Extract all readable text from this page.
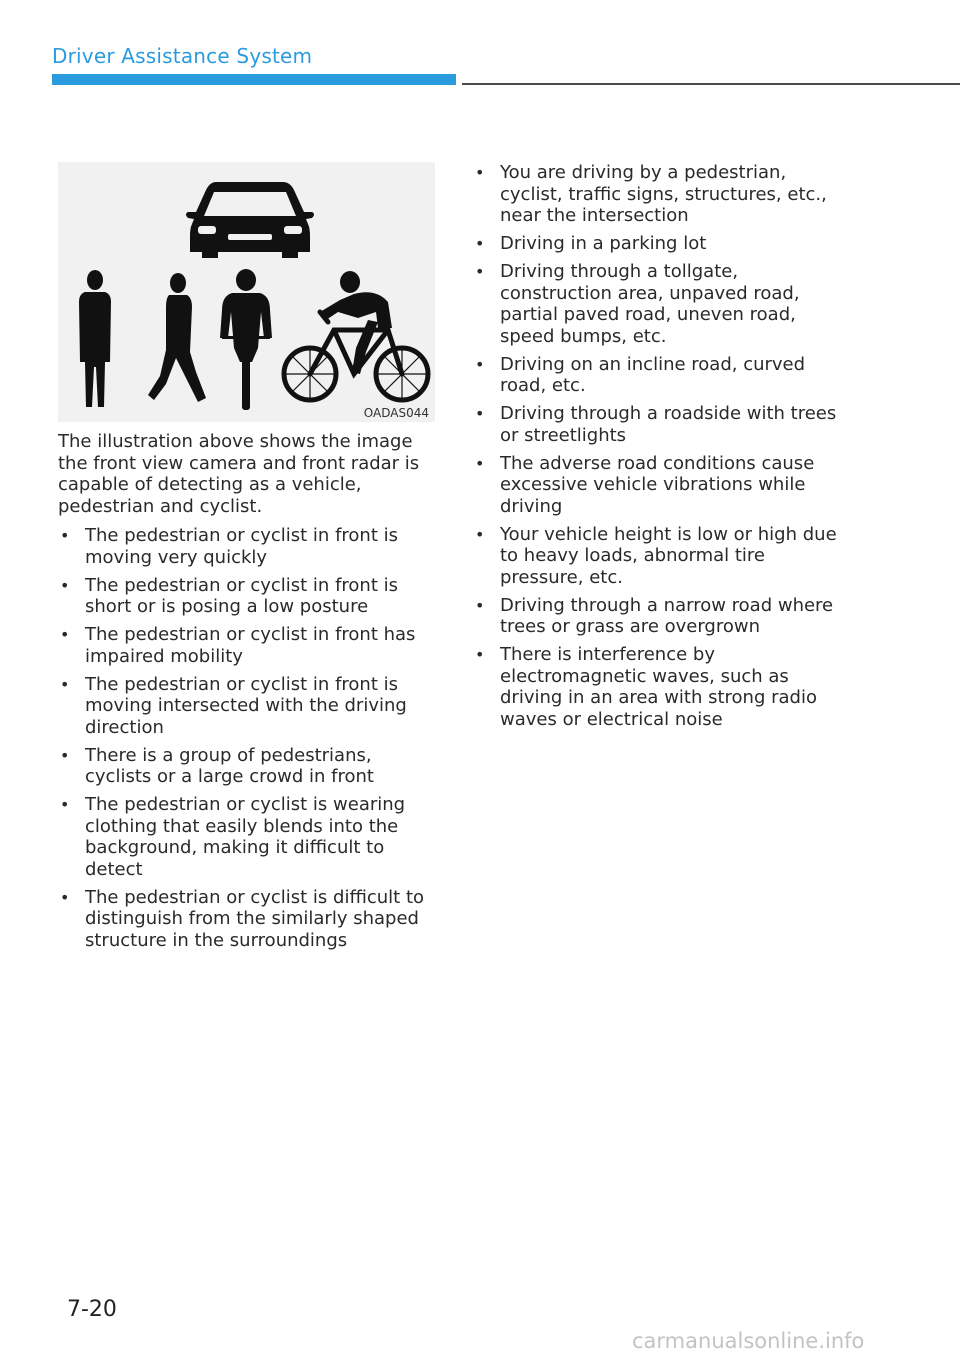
Driver Assistance System
OADAS044

The illustration above shows the image the front view camera and front radar is capable of detecting as a vehicle, pedestrian and cyclist.

• The pedestrian or cyclist in front is moving very quickly
• The pedestrian or cyclist in front is short or is posing a low posture
• The pedestrian or cyclist in front has impaired mobility
• The pedestrian or cyclist in front is moving intersected with the driving direction
• There is a group of pedestrians, cyclists or a large crowd in front
• The pedestrian or cyclist is wearing clothing that easily blends into the background, making it difficult to detect
• The pedestrian or cyclist is difficult to distinguish from the similarly shaped structure in the surroundings
• You are driving by a pedestrian, cyclist, traffic signs, structures, etc., near the intersection
• Driving in a parking lot
• Driving through a tollgate, construction area, unpaved road, partial paved road, uneven road, speed bumps, etc.
• Driving on an incline road, curved road, etc.
• Driving through a roadside with trees or streetlights
• The adverse road conditions cause excessive vehicle vibrations while driving
• Your vehicle height is low or high due to heavy loads, abnormal tire pressure, etc.
• Driving through a narrow road where trees or grass are overgrown
• There is interference by electromagnetic waves, such as driving in an area with strong radio waves or electrical noise
7-20
carmanualsonline.info
